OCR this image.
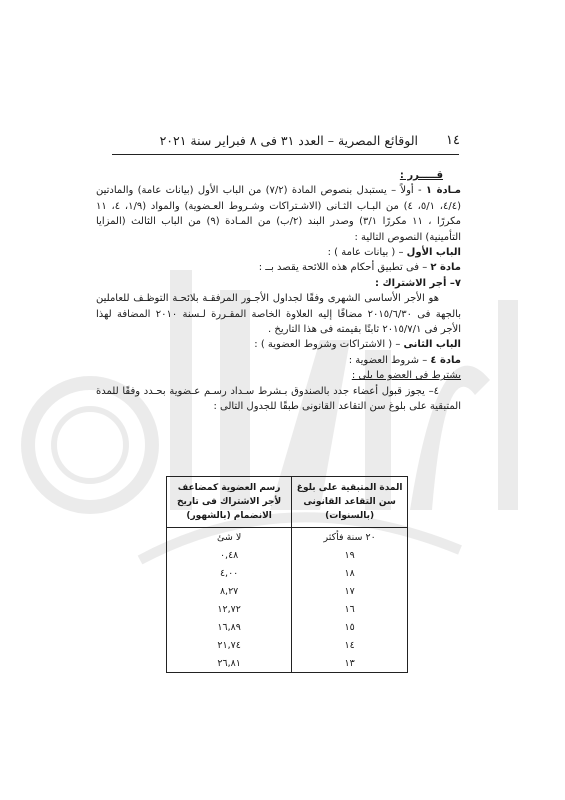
١٤
الوقائع المصرية – العدد ٣١ فى ٨ فبراير سنة ٢٠٢١

قـــــرر :

مـادة ١ - أولاً – يستبدل بنصوص المادة (٧/٢) من الباب الأول (بيانات عامة) والمادتين (٤/٤، ٥/١، ٤) من البـاب الثـانى (الاشـتراكات وشـروط العـضوية) والمواد (١/٩، ٤، ١١ مكررًا ، ١١ مكررًا ٣/١) وصدر البند (٢/ب) من المـادة (٩) من الباب الثالث (المزايا التأمينية) النصوص التالية :

الباب الأول – ( بيانات عامة ) :

مادة ٢ – فى تطبيق أحكام هذه اللائحة يقصد بــ :

٧– أجر الاشتراك :

هو الأجر الأساسى الشهرى وفقًا لجداول الأجـور المرفقـة بلائحـة التوظـف للعاملين بالجهة فى ٢٠١٥/٦/٣٠ مضافًا إليه العلاوة الخاصة المقـررة لـسنة ٢٠١٠ المضافة لهذا الأجر فى ٢٠١٥/٧/١ ثابتًا بقيمته فى هذا التاريخ .

الباب الثانى – ( الاشتراكات وشروط العضوية ) :

مادة ٤ – شروط العضوية :

يشترط فى العضو ما يلى :

٤– يجوز قبول أعضاء جدد بالصندوق بـشرط سـداد رسـم عـضوية بحـدد وفقًا للمدة المتبقية على بلوغ سن التقاعد القانونى طبقًا للجدول التالى :

المدة المتبقية على بلوغ سن التقاعد القانونى (بالسنوات)	رسم العضوية كمضاعف لأجر الاشتراك فى تاريخ الانضمام (بالشهور)
٢٠ سنة فأكثر	لا شئ
١٩	٠,٤٨
١٨	٤,٠٠
١٧	٨,٢٧
١٦	١٢,٧٢
١٥	١٦,٨٩
١٤	٢١,٧٤
١٣	٢٦,٨١
